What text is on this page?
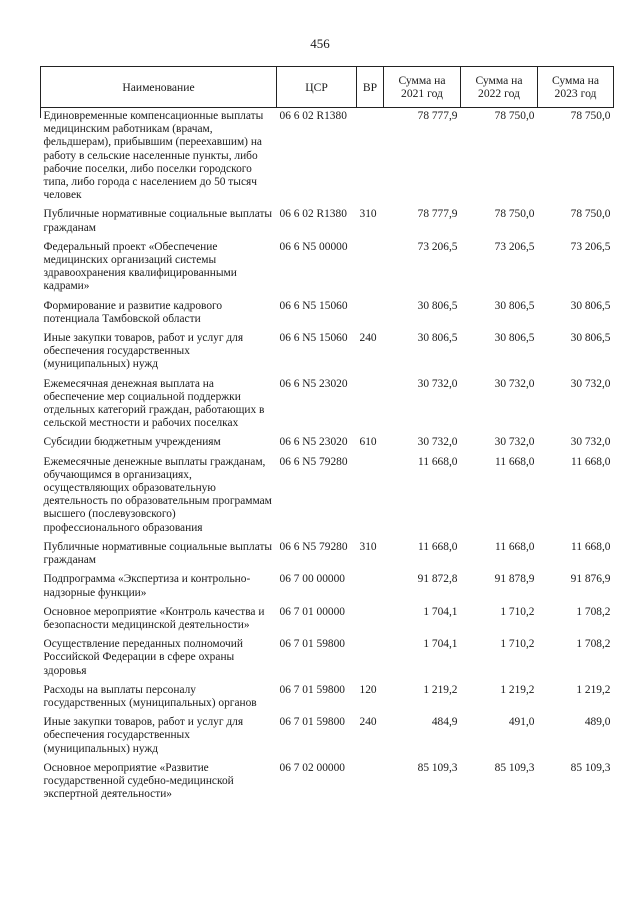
456
Наименование	ЦСР	ВР	Сумма на 2021 год	Сумма на 2022 год	Сумма на 2023 год
Единовременные компенсационные выплаты медицинским работникам (врачам, фельдшерам), прибывшим (переехавшим) на работу в сельские населенные пункты, либо рабочие поселки, либо поселки городского типа, либо города с населением до 50 тысяч человек	06 6 02 R1380		78 777,9	78 750,0	78 750,0
Публичные нормативные социальные выплаты гражданам	06 6 02 R1380	310	78 777,9	78 750,0	78 750,0
Федеральный проект «Обеспечение медицинских организаций системы здравоохранения квалифицированными кадрами»	06 6 N5 00000		73 206,5	73 206,5	73 206,5
Формирование и развитие кадрового потенциала Тамбовской области	06 6 N5 15060		30 806,5	30 806,5	30 806,5
Иные закупки товаров, работ и услуг для обеспечения государственных (муниципальных) нужд	06 6 N5 15060	240	30 806,5	30 806,5	30 806,5
Ежемесячная денежная выплата на обеспечение мер социальной поддержки отдельных категорий граждан, работающих в сельской местности и рабочих поселках	06 6 N5 23020		30 732,0	30 732,0	30 732,0
Субсидии бюджетным учреждениям	06 6 N5 23020	610	30 732,0	30 732,0	30 732,0
Ежемесячные денежные выплаты гражданам, обучающимся в организациях, осуществляющих образовательную деятельность по образовательным программам высшего (послевузовского) профессионального образования	06 6 N5 79280		11 668,0	11 668,0	11 668,0
Публичные нормативные социальные выплаты гражданам	06 6 N5 79280	310	11 668,0	11 668,0	11 668,0
Подпрограмма «Экспертиза и контрольно-надзорные функции»	06 7 00 00000		91 872,8	91 878,9	91 876,9
Основное мероприятие «Контроль качества и безопасности медицинской деятельности»	06 7 01 00000		1 704,1	1 710,2	1 708,2
Осуществление переданных полномочий Российской Федерации в сфере охраны здоровья	06 7 01 59800		1 704,1	1 710,2	1 708,2
Расходы на выплаты персоналу государственных (муниципальных) органов	06 7 01 59800	120	1 219,2	1 219,2	1 219,2
Иные закупки товаров, работ и услуг для обеспечения государственных (муниципальных) нужд	06 7 01 59800	240	484,9	491,0	489,0
Основное мероприятие «Развитие государственной судебно-медицинской экспертной деятельности»	06 7 02 00000		85 109,3	85 109,3	85 109,3
